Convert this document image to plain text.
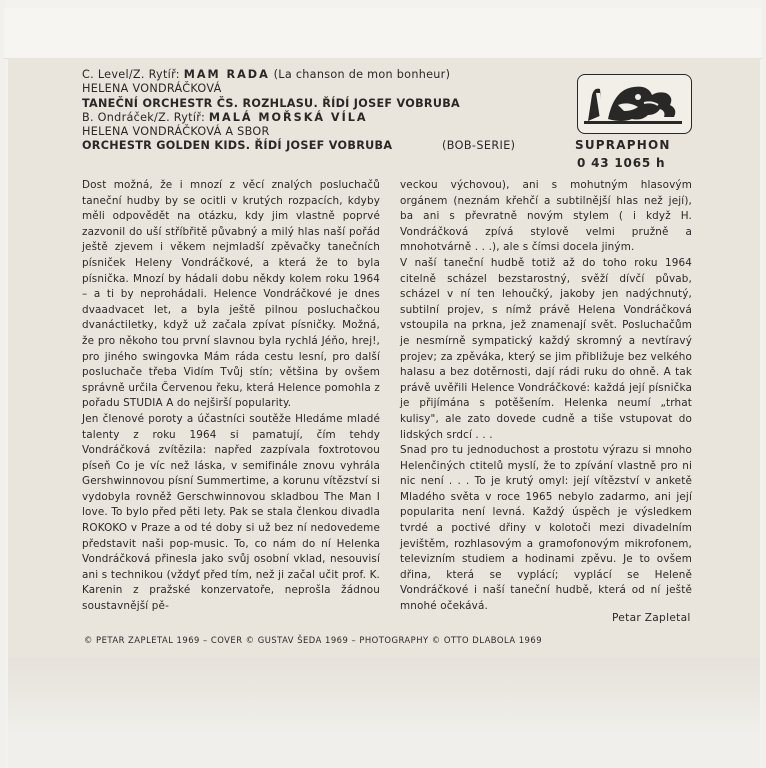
C. Level/Z. Rytíř: MAM RADA (La chanson de mon bonheur)
HELENA VONDRÁČKOVÁ
TANEČNÍ ORCHESTR ČS. ROZHLASU. ŘÍDÍ JOSEF VOBRUBA
B. Ondráček/Z. Rytíř: MALÁ MOŘSKÁ VÍLA
HELENA VONDRÁČKOVÁ A SBOR
ORCHESTR GOLDEN KIDS. ŘÍDÍ JOSEF VOBRUBA	(BOB-SERIE)	SUPRAPHON
0 43 1065 h

Dost možná, že i mnozí z věcí znalých posluchačů taneční hudby by se ocitli v krutých rozpacích, kdyby měli odpovědět na otázku, kdy jim vlastně poprvé zazvonil do uší stříbřitě půvabný a milý hlas naší pořád ještě zjevem i věkem nejmladší zpěvačky tanečních písniček Heleny Vondráčkové, a která že to byla písnička. Mnozí by hádali dobu někdy kolem roku 1964 – a ti by neprohádali. Helence Vondráčkové je dnes dvaadvacet let, a byla ještě pilnou posluchačkou dvanáctiletky, když už začala zpívat písničky. Možná, že pro někoho tou první slavnou byla rychlá Jéňo, hrej!, pro jiného swingovka Mám ráda cestu lesní, pro další posluchače třeba Vidím Tvůj stín; většina by ovšem správně určila Červenou řeku, která Helence pomohla z pořadu STUDIA A do nejširší popularity.

Jen členové poroty a účastníci soutěže Hledáme mladé talenty z roku 1964 si pamatují, čím tehdy Vondráčková zvítězila: napřed zazpívala foxtrotovou píseň Co je víc než láska, v semifinále znovu vyhrála Gershwinnovou písní Summertime, a korunu vítězství si vydobyla rovněž Gerschwinnovou skladbou The Man I love. To bylo před pěti lety. Pak se stala členkou divadla ROKOKO v Praze a od té doby si už bez ní nedovedeme představit naši pop-music. To, co nám do ní Helenka Vondráčková přinesla jako svůj osobní vklad, nesouvisí ani s technikou (vždyť před tím, než ji začal učit prof. K. Karenin z pražské konzervatoře, neprošla žádnou soustavnější pě-

veckou výchovou), ani s mohutným hlasovým orgánem (neznám křehčí a subtilnější hlas než její), ba ani s převratně novým stylem ( i když H. Vondráčková zpívá stylově velmi pružně a mnohotvárně . . .), ale s čímsi docela jiným.

V naší taneční hudbě totiž až do toho roku 1964 citelně scházel bezstarostný, svěží dívčí půvab, scházel v ní ten lehoučký, jakoby jen nadýchnutý, subtilní projev, s nímž právě Helena Vondráčková vstoupila na prkna, jež znamenají svět. Posluchačům je nesmírně sympatický každý skromný a nevtíravý projev; za zpěváka, který se jim přibližuje bez velkého halasu a bez dotěrnosti, dají rádi ruku do ohně. A tak právě uvěřili Helence Vondráčkové: každá její písnička je přijímána s potěšením. Helenka neumí „trhat kulisy", ale zato dovede cudně a tiše vstupovat do lidských srdcí . . .

Snad pro tu jednoduchost a prostotu výrazu si mnoho Helenčiných ctitelů myslí, že to zpívání vlastně pro ni nic není . . . To je krutý omyl: její vítězství v anketě Mladého světa v roce 1965 nebylo zadarmo, ani její popularita není levná. Každý úspěch je výsledkem tvrdé a poctivé dřiny v kolotoči mezi divadelním jevištěm, rozhlasovým a gramofonovým mikrofonem, televizním studiem a hodinami zpěvu. Je to ovšem dřina, která se vyplácí; vyplácí se Heleně Vondráčkové i naší taneční hudbě, která od ní ještě mnohé očekává.

Petar Zapletal
© PETAR ZAPLETAL 1969 – COVER © GUSTAV ŠEDA 1969 – PHOTOGRAPHY © OTTO DLABOLA 1969
